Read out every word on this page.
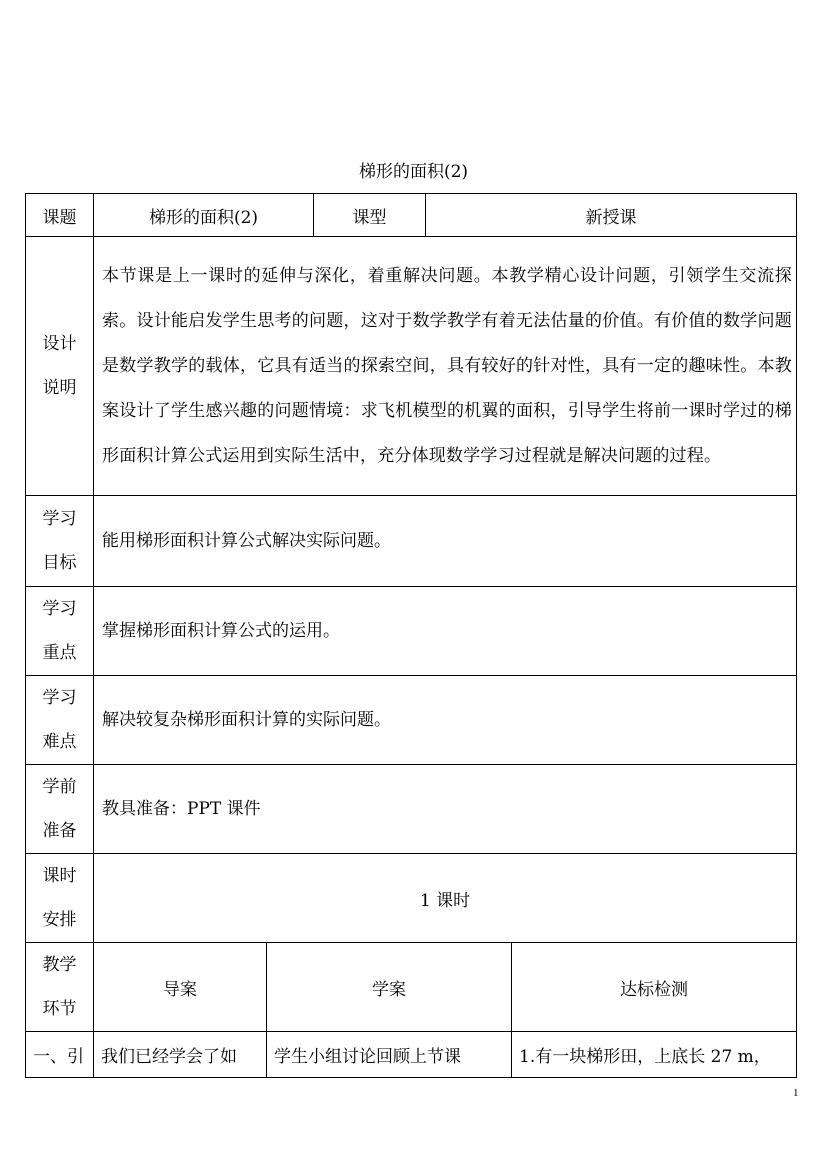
梯形的面积(2)
课题	梯形的面积(2)		课型	新授课	

设计
说明	本节课是上一课时的延伸与深化，着重解决问题。本教学精心设计问题，引领学生交流探索。设计能启发学生思考的问题，这对于数学教学有着无法估量的价值。有价值的数学问题是数学教学的载体，它具有适当的探索空间，具有较好的针对性，具有一定的趣味性。本教案设计了学生感兴趣的问题情境：求飞机模型的机翼的面积，引导学生将前一课时学过的梯形面积计算公式运用到实际生活中，充分体现数学学习过程就是解决问题的过程。				

学习
目标	能用梯形面积计算公式解决实际问题。				

学习
重点	掌握梯形面积计算公式的运用。				

学习
难点	解决较复杂梯形面积计算的实际问题。				

学前
准备	教具准备：PPT 课件				

课时
安排	1 课时				

教学
环节	导案	学案			达标检测
一、引	我们已经学会了如	学生小组讨论回顾上节课			1.有一块梯形田，上底长 27 m，
1
